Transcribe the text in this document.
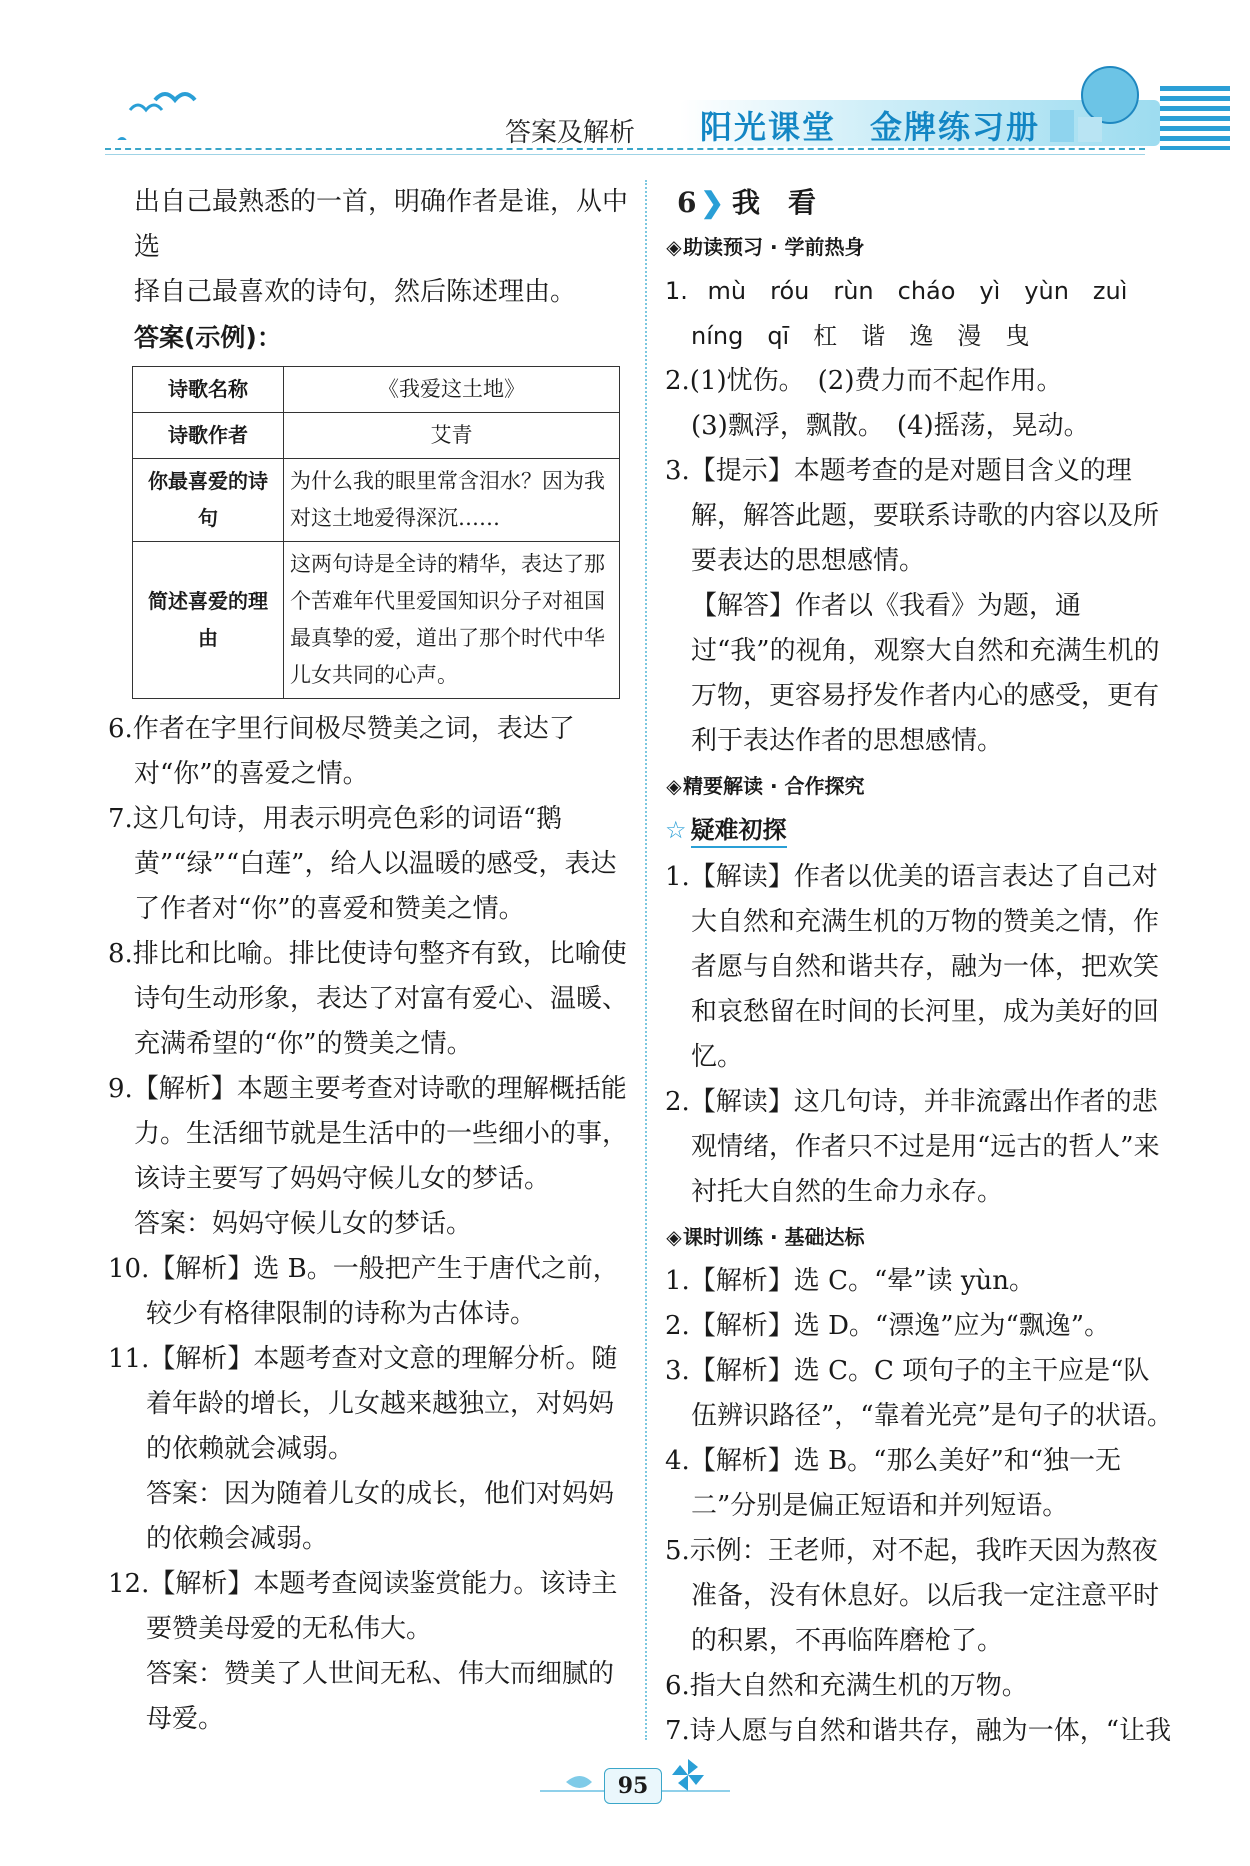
答案及解析 阳光课堂　金牌练习册

出自己最熟悉的一首，明确作者是谁，从中选

择自己最喜欢的诗句，然后陈述理由。

答案(示例)：

诗歌名称	《我爱这土地》
诗歌作者	艾青
你最喜爱的诗句	为什么我的眼里常含泪水？因为我对这土地爱得深沉……
简述喜爱的理由	这两句诗是全诗的精华，表达了那个苦难年代里爱国知识分子对祖国最真挚的爱，道出了那个时代中华儿女共同的心声。

6.作者在字里行间极尽赞美之词，表达了对“你”的喜爱之情。

7.这几句诗，用表示明亮色彩的词语“鹅黄”“绿”“白莲”，给人以温暖的感受，表达了作者对“你”的喜爱和赞美之情。

8.排比和比喻。排比使诗句整齐有致，比喻使诗句生动形象，表达了对富有爱心、温暖、充满希望的“你”的赞美之情。

9.【解析】本题主要考查对诗歌的理解概括能力。生活细节就是生活中的一些细小的事，该诗主要写了妈妈守候儿女的梦话。

答案：妈妈守候儿女的梦话。

10.【解析】选 B。一般把产生于唐代之前，较少有格律限制的诗称为古体诗。

11.【解析】本题考查对文意的理解分析。随着年龄的增长，儿女越来越独立，对妈妈的依赖就会减弱。

答案：因为随着儿女的成长，他们对妈妈的依赖会减弱。

12.【解析】本题考查阅读鉴赏能力。该诗主要赞美母爱的无私伟大。

答案：赞美了人世间无私、伟大而细腻的母爱。

6 ❯ 我　看
◈助读预习 · 学前热身

1. mù　róu　rùn　cháo　yì　yùn　zuì

níng　qī　杠　谐　逸　漫　曳

2.(1)忧伤。　(2)费力而不起作用。

(3)飘浮，飘散。　(4)摇荡，晃动。

3.【提示】本题考查的是对题目含义的理解，解答此题，要联系诗歌的内容以及所要表达的思想感情。

【解答】作者以《我看》为题，通过“我”的视角，观察大自然和充满生机的万物，更容易抒发作者内心的感受，更有利于表达作者的思想感情。

◈精要解读 · 合作探究
☆ 疑难初探

1.【解读】作者以优美的语言表达了自己对大自然和充满生机的万物的赞美之情，作者愿与自然和谐共存，融为一体，把欢笑和哀愁留在时间的长河里，成为美好的回忆。

2.【解读】这几句诗，并非流露出作者的悲观情绪，作者只不过是用“远古的哲人”来衬托大自然的生命力永存。

◈课时训练 · 基础达标

1.【解析】选 C。“晕”读 yùn。

2.【解析】选 D。“漂逸”应为“飘逸”。

3.【解析】选 C。C 项句子的主干应是“队伍辨识路径”，“靠着光亮”是句子的状语。

4.【解析】选 B。“那么美好”和“独一无二”分别是偏正短语和并列短语。

5.示例：王老师，对不起，我昨天因为熬夜准备，没有休息好。以后我一定注意平时的积累，不再临阵磨枪了。

6.指大自然和充满生机的万物。

7.诗人愿与自然和谐共存，融为一体，“让我

95
